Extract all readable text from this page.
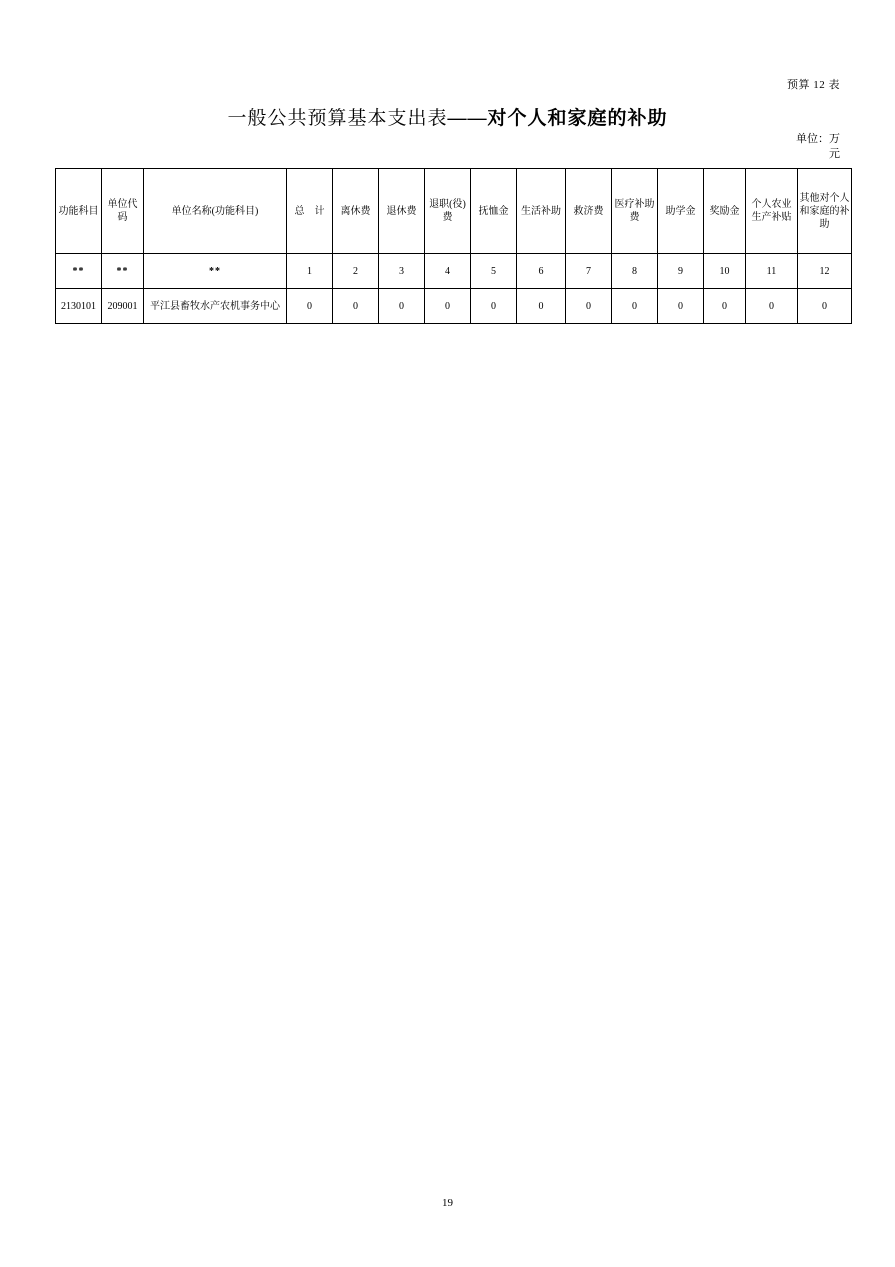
预算 12 表
一般公共预算基本支出表——对个人和家庭的补助
单位：万
元
功能科目	单位代码	单位名称(功能科目)	总　计	离休费	退休费	退职(役)费	抚恤金	生活补助	救济费	医疗补助费	助学金	奖励金	个人农业生产补贴	其他对个人和家庭的补助
**	**	**	1	2	3	4	5	6	7	8	9	10	11	12
2130101	209001	平江县畜牧水产农机事务中心	0	0	0	0	0	0	0	0	0	0	0	0
19
